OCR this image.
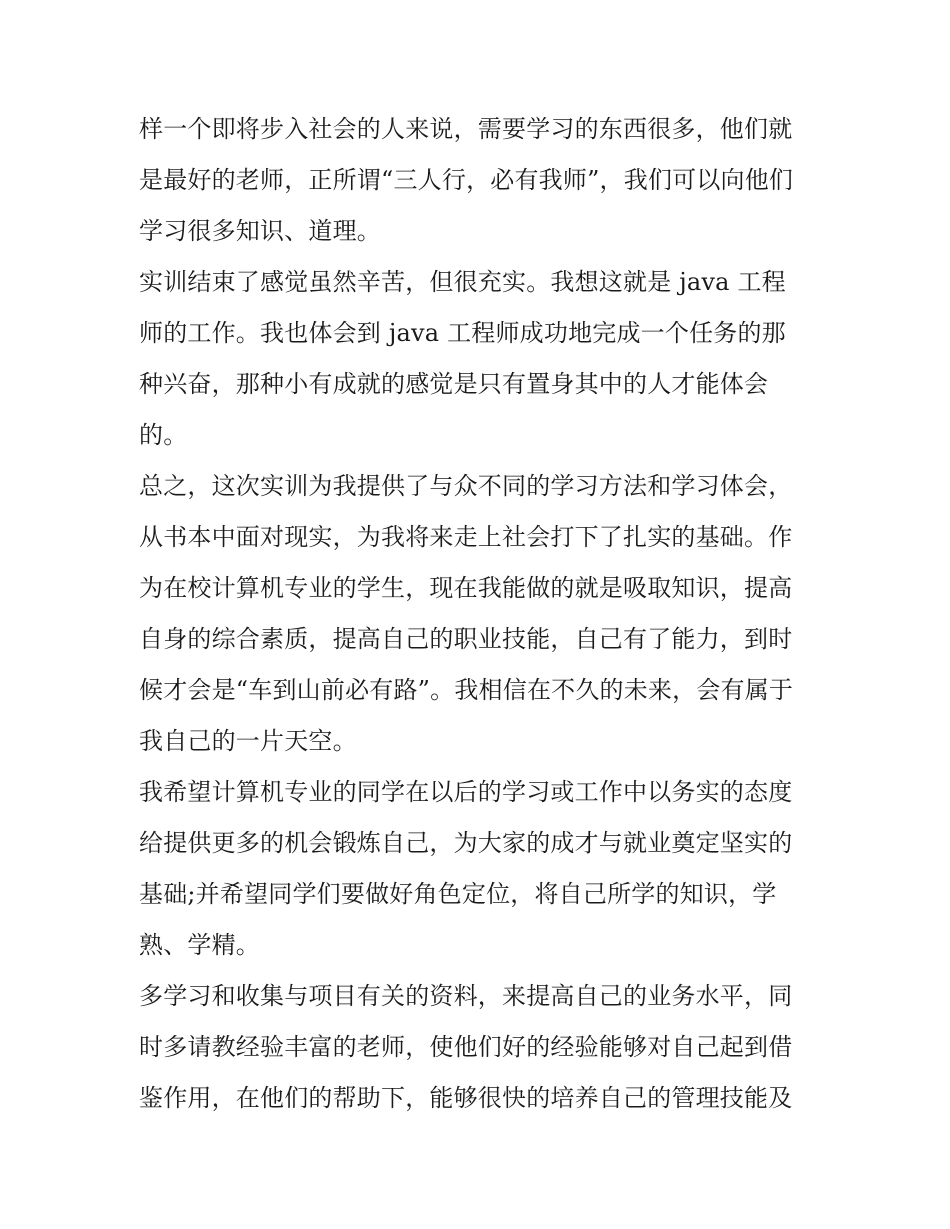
样一个即将步入社会的人来说，需要学习的东西很多，他们就
是最好的老师，正所谓“三人行，必有我师”，我们可以向他们
学习很多知识、道理。
实训结束了感觉虽然辛苦，但很充实。我想这就是 java 工程
师的工作。我也体会到 java 工程师成功地完成一个任务的那
种兴奋，那种小有成就的感觉是只有置身其中的人才能体会
的。
总之，这次实训为我提供了与众不同的学习方法和学习体会，
从书本中面对现实，为我将来走上社会打下了扎实的基础。作
为在校计算机专业的学生，现在我能做的就是吸取知识，提高
自身的综合素质，提高自己的职业技能，自己有了能力，到时
候才会是“车到山前必有路”。我相信在不久的未来，会有属于
我自己的一片天空。
我希望计算机专业的同学在以后的学习或工作中以务实的态度
给提供更多的机会锻炼自己，为大家的成才与就业奠定坚实的
基础;并希望同学们要做好角色定位，将自己所学的知识，学
熟、学精。
多学习和收集与项目有关的资料，来提高自己的业务水平，同
时多请教经验丰富的老师，使他们好的经验能够对自己起到借
鉴作用，在他们的帮助下，能够很快的培养自己的管理技能及
